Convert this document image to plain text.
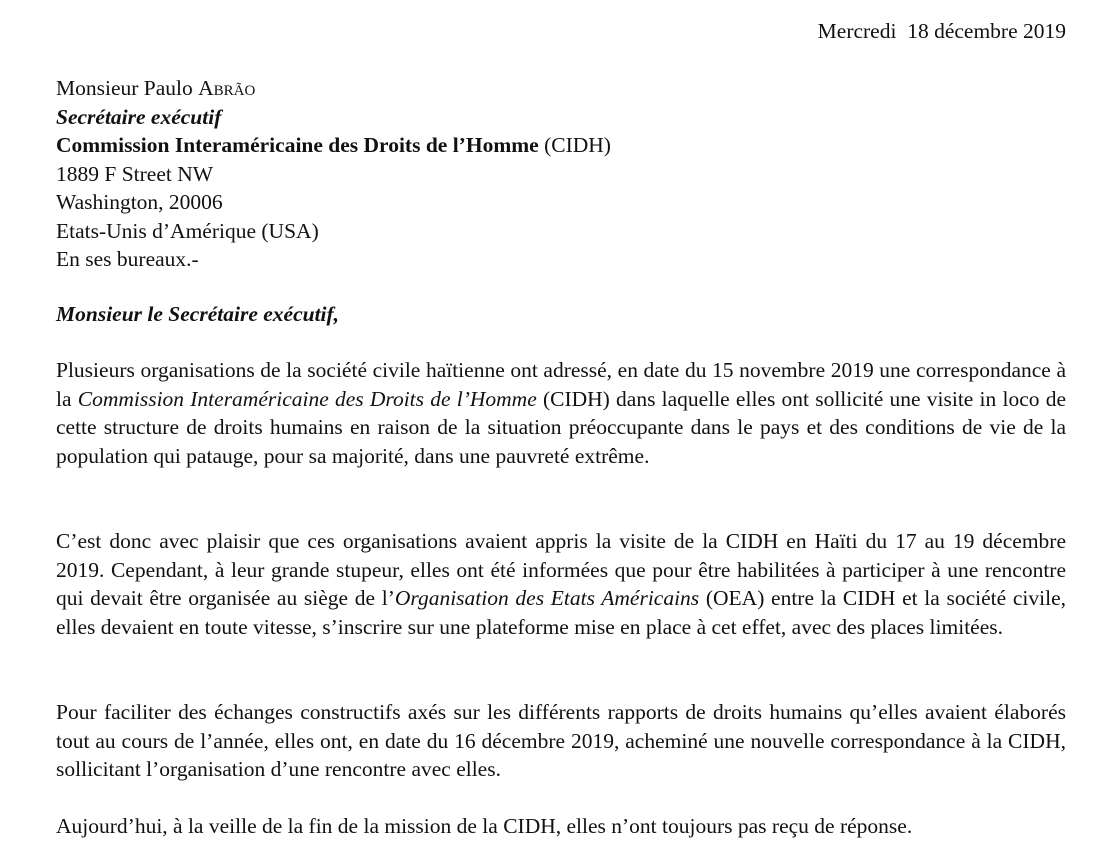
Mercredi  18 décembre 2019
Monsieur Paulo Abrão
Secrétaire exécutif
Commission Interaméricaine des Droits de l’Homme (CIDH)
1889 F Street NW
Washington, 20006
Etats-Unis d’Amérique (USA)
En ses bureaux.-
Monsieur le Secrétaire exécutif,

Plusieurs organisations de la société civile haïtienne ont adressé, en date du 15 novembre 2019 une correspondance à la Commission Interaméricaine des Droits de l’Homme (CIDH) dans laquelle elles ont sollicité une visite in loco de cette structure de droits humains en raison de la situation préoccupante dans le pays et des conditions de vie de la population qui patauge, pour sa majorité, dans une pauvreté extrême.

C’est donc avec plaisir que ces organisations avaient appris la visite de la CIDH en Haïti du 17 au 19 décembre 2019. Cependant, à leur grande stupeur, elles ont été informées que pour être habilitées à participer à une rencontre qui devait être organisée au siège de l’Organisation des Etats Américains (OEA) entre la CIDH et la société civile, elles devaient en toute vitesse, s’inscrire sur une plateforme mise en place à cet effet, avec des places limitées.

Pour faciliter des échanges constructifs axés sur les différents rapports de droits humains qu’elles avaient élaborés tout au cours de l’année, elles ont, en date du 16 décembre 2019, acheminé une nouvelle correspondance à la CIDH, sollicitant l’organisation d’une rencontre avec elles.

Aujourd’hui, à la veille de la fin de la mission de la CIDH, elles n’ont toujours pas reçu de réponse.
